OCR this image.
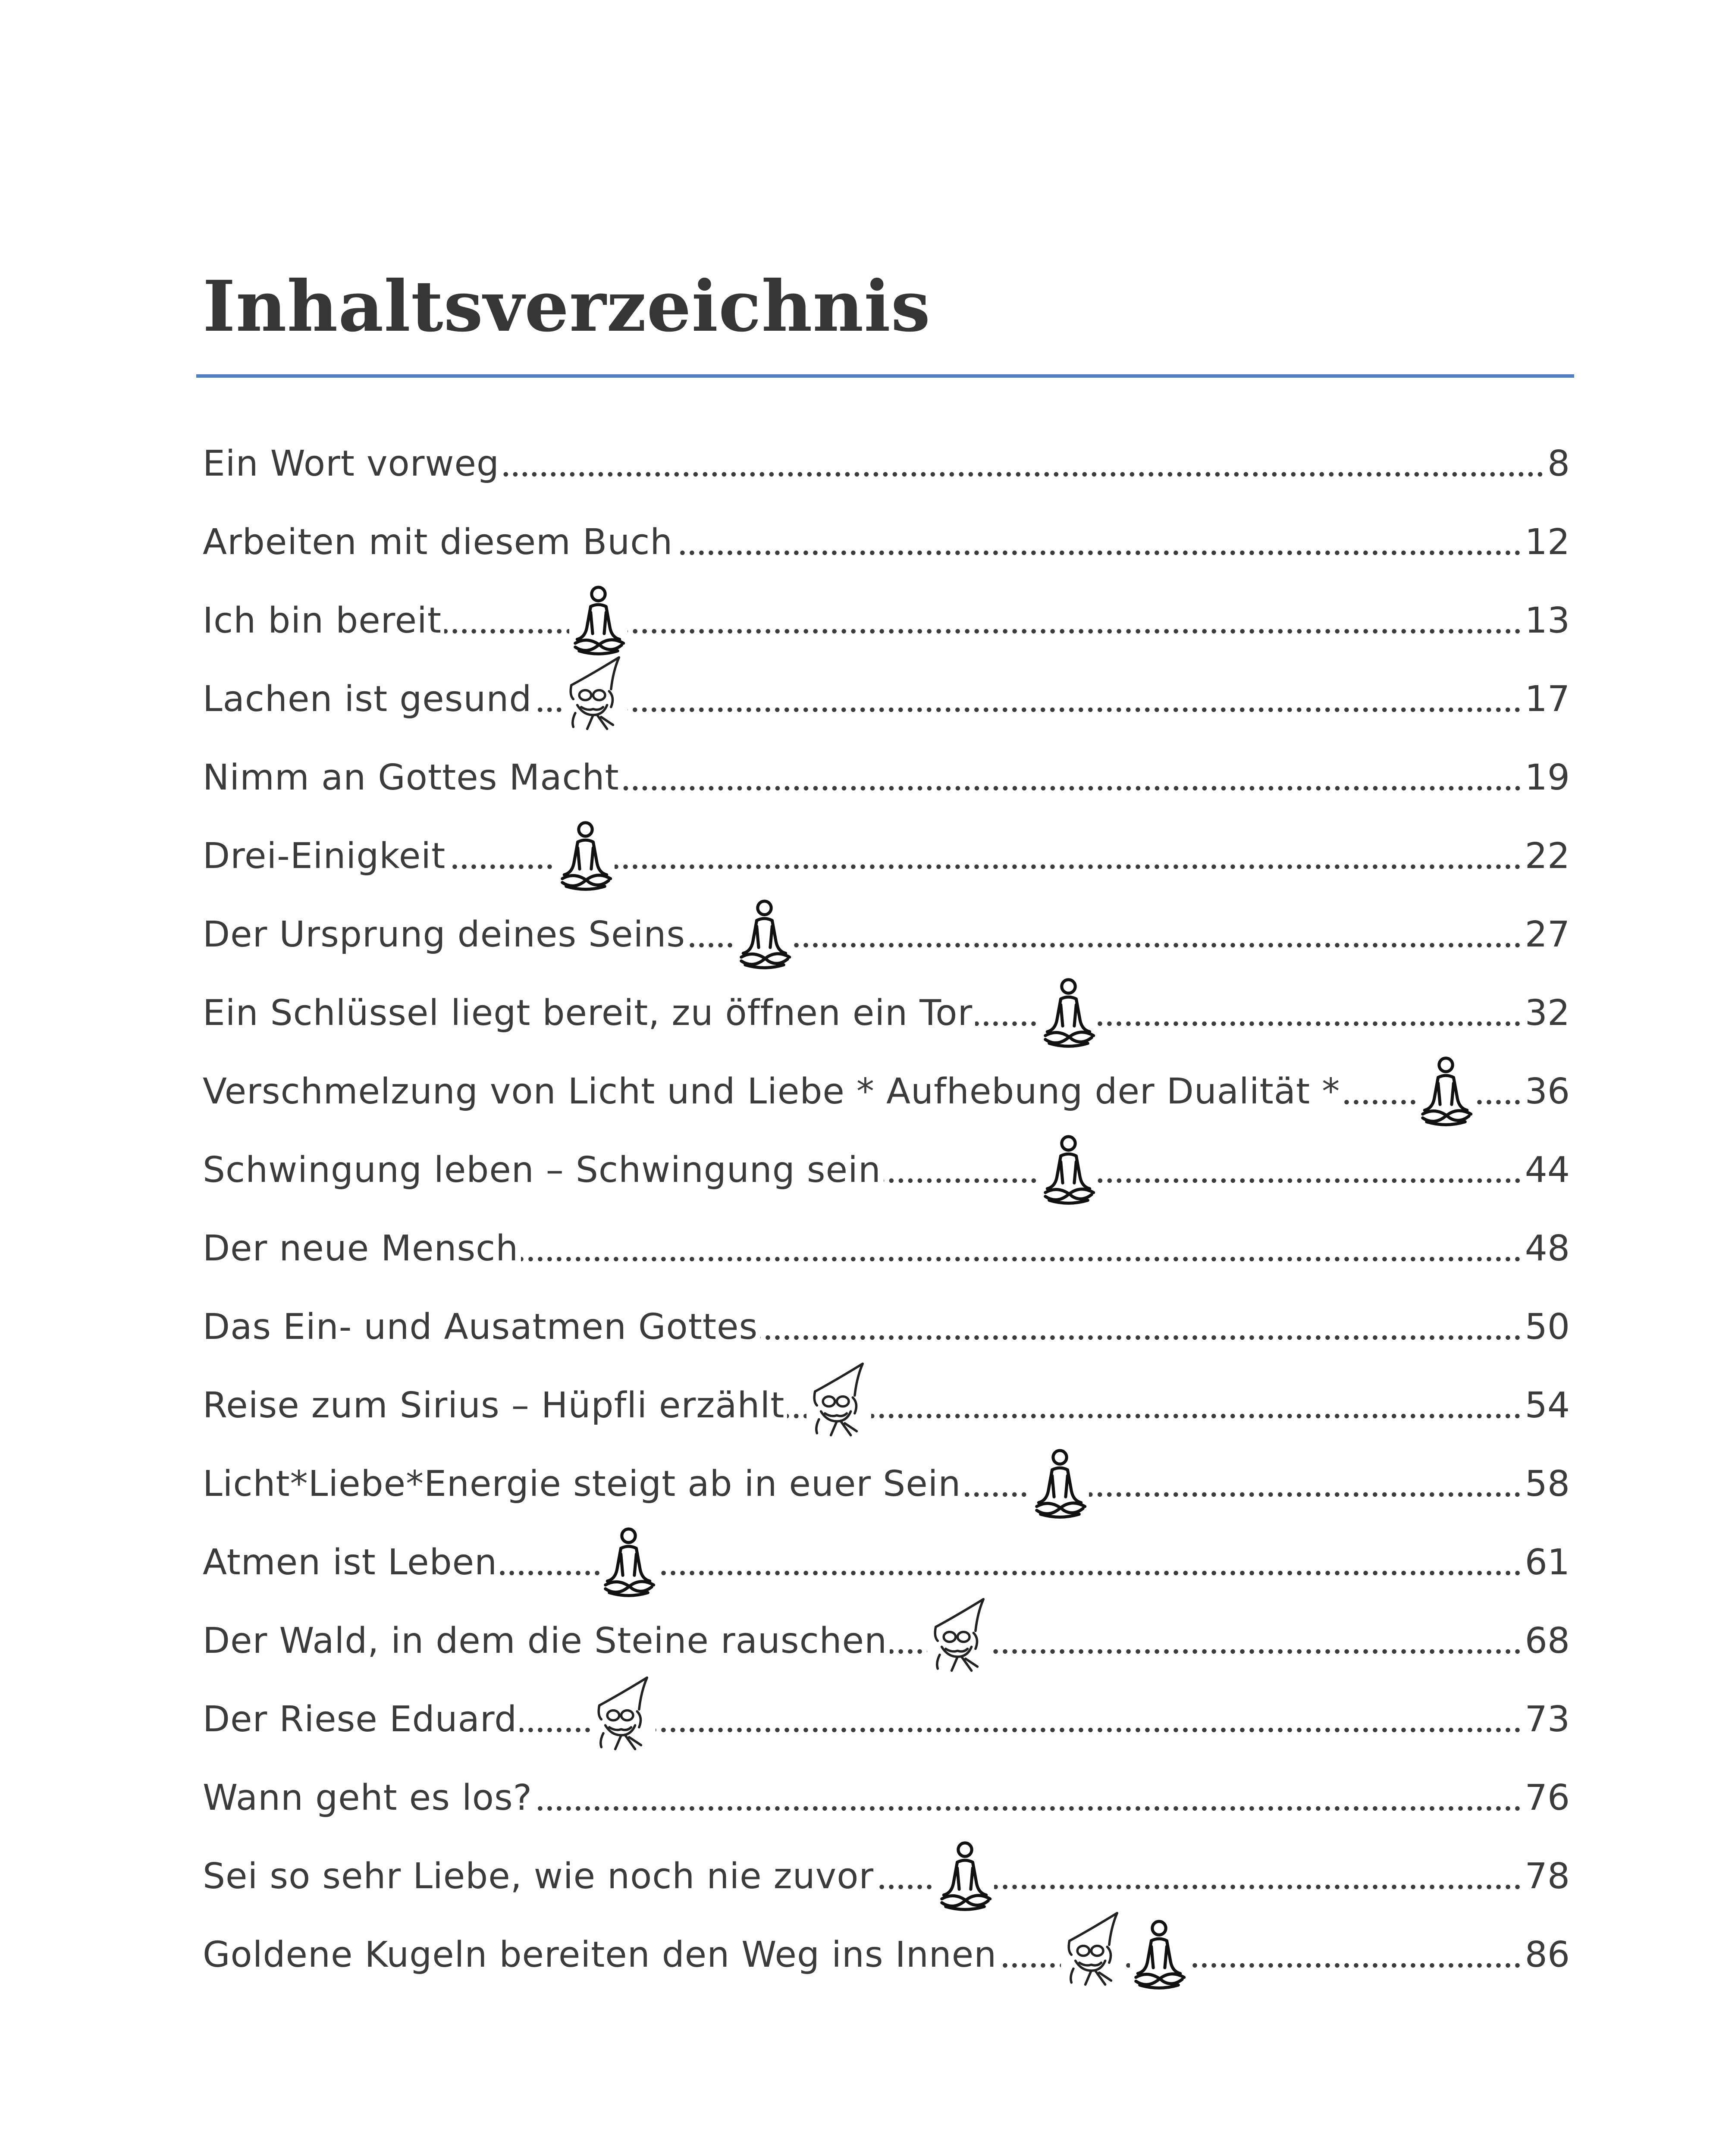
Inhaltsverzeichnis
Ein Wort vorweg	8
Arbeiten mit diesem Buch	12
Ich bin bereit	13
Lachen ist gesund	17
Nimm an Gottes Macht	19
Drei-Einigkeit	22
Der Ursprung deines Seins	27
Ein Schlüssel liegt bereit, zu öffnen ein Tor	32
Verschmelzung von Licht und Liebe * Aufhebung der Dualität *	36
Schwingung leben – Schwingung sein	44
Der neue Mensch	48
Das Ein- und Ausatmen Gottes	50
Reise zum Sirius – Hüpfli erzählt	54
Licht*Liebe*Energie steigt ab in euer Sein	58
Atmen ist Leben	61
Der Wald, in dem die Steine rauschen	68
Der Riese Eduard	73
Wann geht es los?	76
Sei so sehr Liebe, wie noch nie zuvor	78
Goldene Kugeln bereiten den Weg ins Innen	86
